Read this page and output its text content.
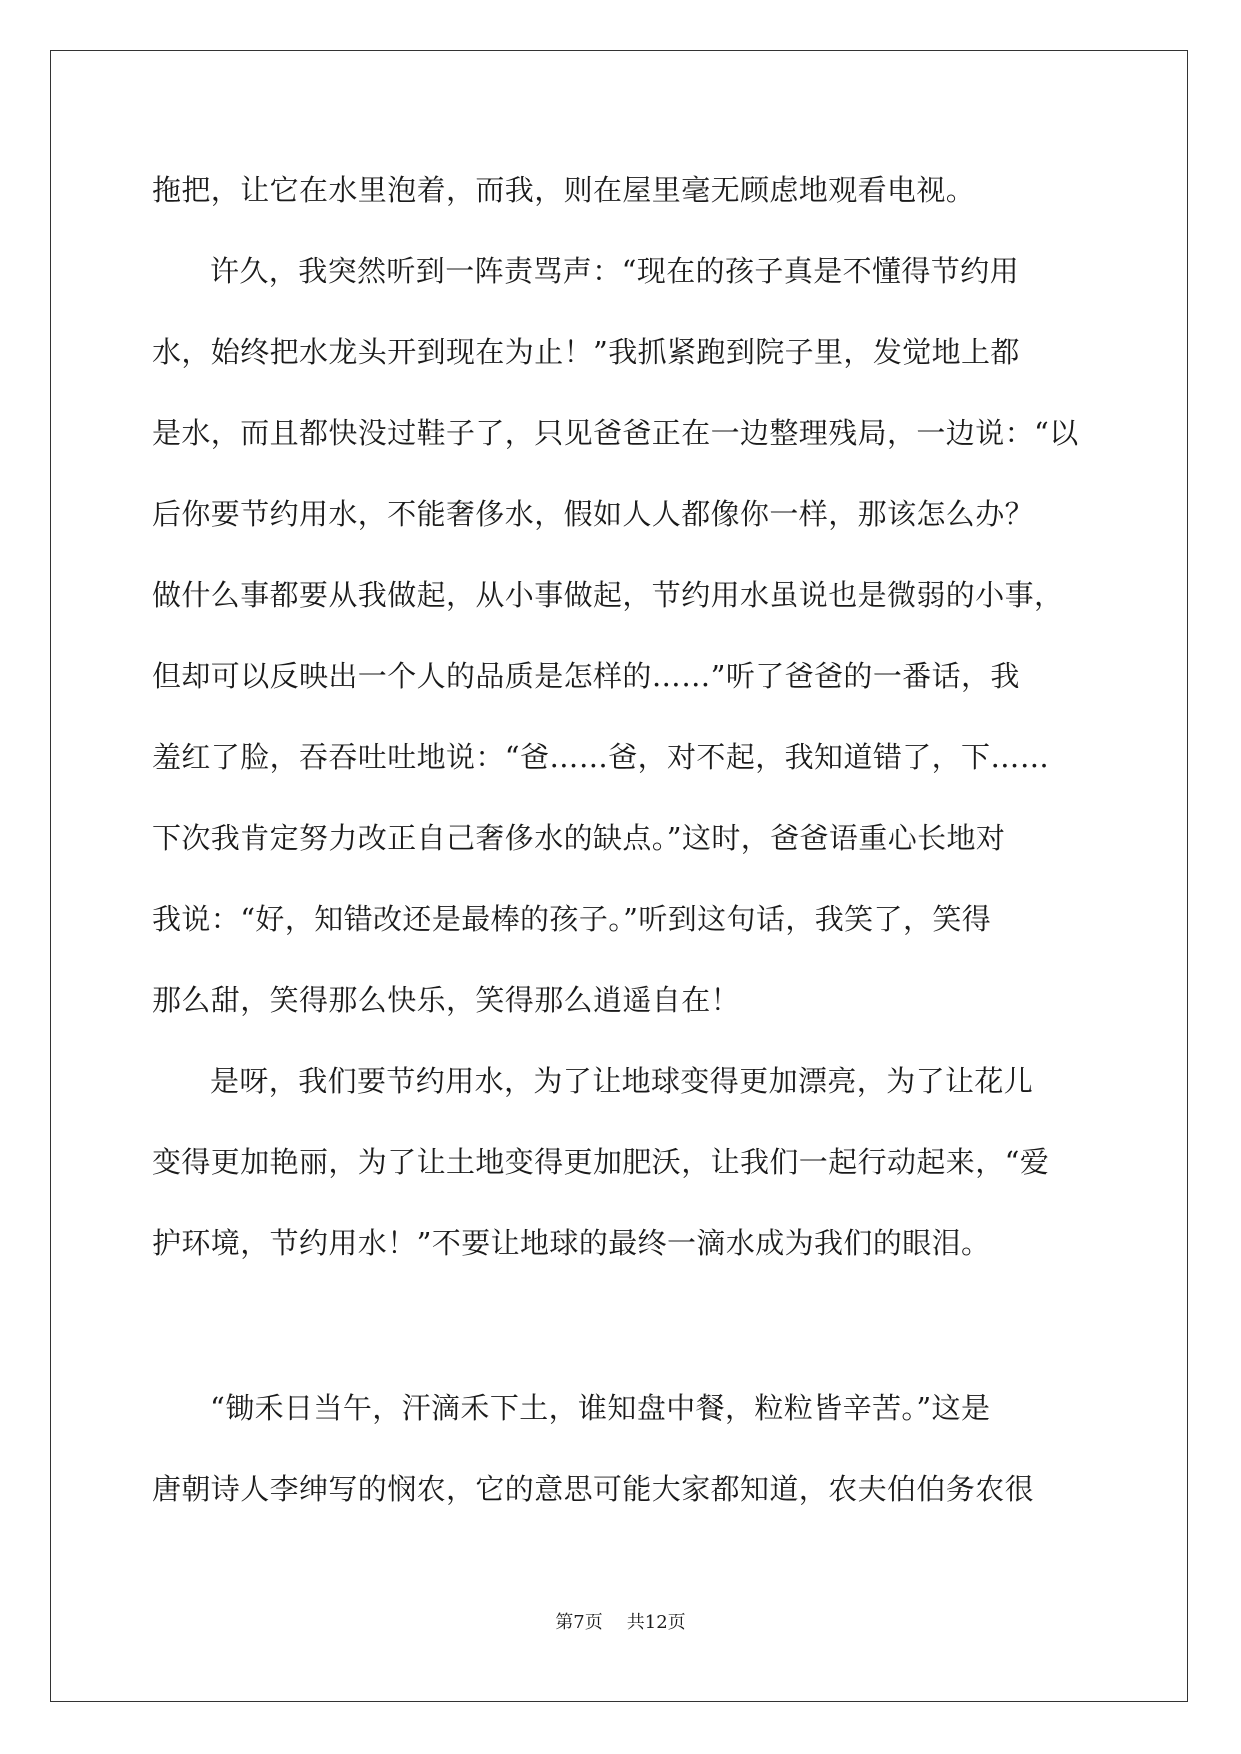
拖把，让它在水里泡着，而我，则在屋里毫无顾虑地观看电视。
许久，我突然听到一阵责骂声：“现在的孩子真是不懂得节约用
水，始终把水龙头开到现在为止！”我抓紧跑到院子里，发觉地上都
是水，而且都快没过鞋子了，只见爸爸正在一边整理残局，一边说：“以
后你要节约用水，不能奢侈水，假如人人都像你一样，那该怎么办？
做什么事都要从我做起，从小事做起，节约用水虽说也是微弱的小事，
但却可以反映出一个人的品质是怎样的……”听了爸爸的一番话，我
羞红了脸，吞吞吐吐地说：“爸……爸，对不起，我知道错了，下……
下次我肯定努力改正自己奢侈水的缺点。”这时，爸爸语重心长地对
我说：“好，知错改还是最棒的孩子。”听到这句话，我笑了，笑得
那么甜，笑得那么快乐，笑得那么逍遥自在！
是呀，我们要节约用水，为了让地球变得更加漂亮，为了让花儿
变得更加艳丽，为了让土地变得更加肥沃，让我们一起行动起来，“爱
护环境，节约用水！”不要让地球的最终一滴水成为我们的眼泪。
“锄禾日当午，汗滴禾下土，谁知盘中餐，粒粒皆辛苦。”这是
唐朝诗人李绅写的悯农，它的意思可能大家都知道，农夫伯伯务农很
第7页 共12页
